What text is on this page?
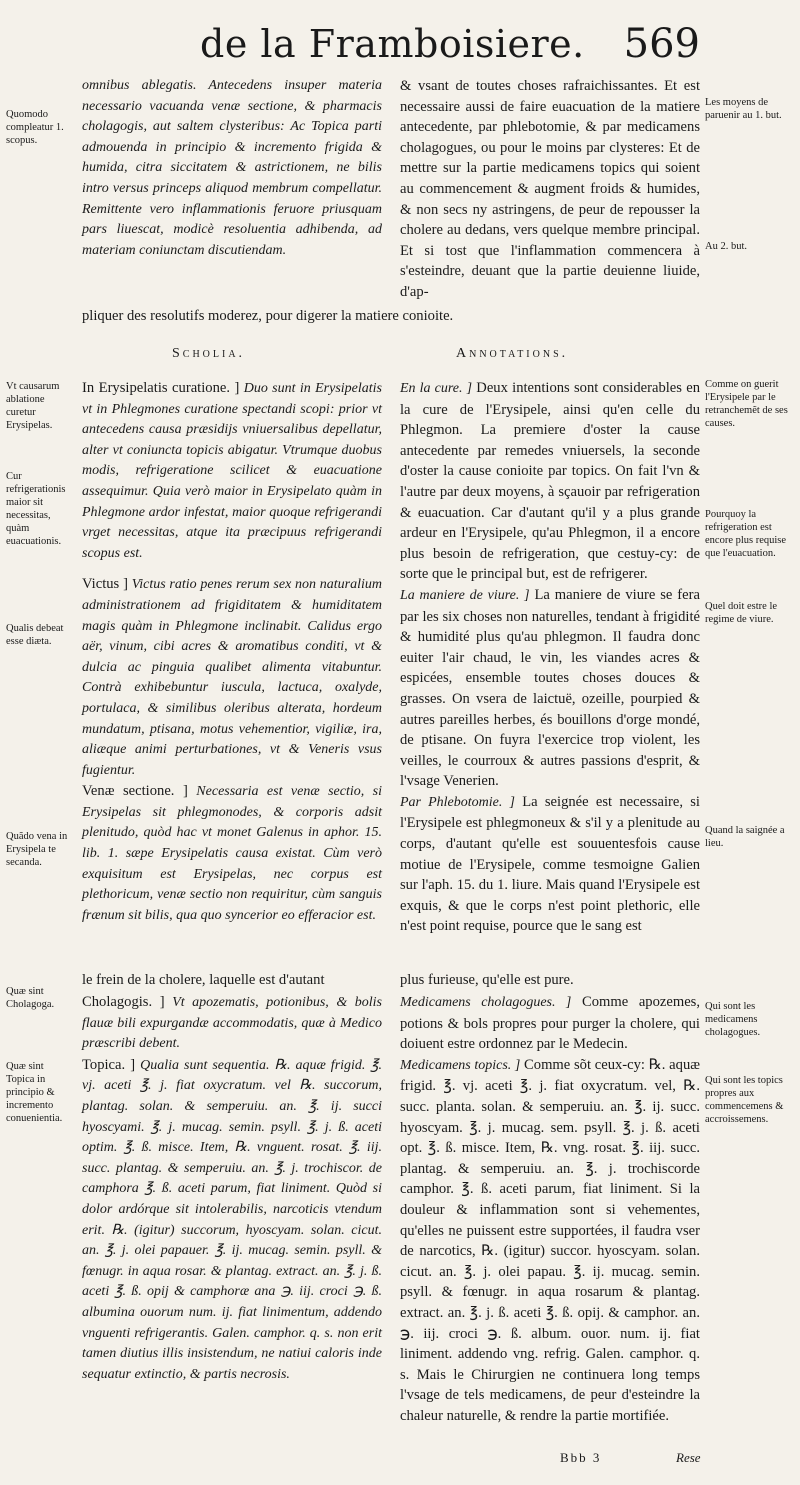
de la Framboisiere. 569
Quomodo compleatur 1. scopus.

omnibus ablegatis. Antecedens insuper materia necessario vacuanda venæ sectione, & pharmacis cholagogis, aut saltem clysteribus: Ac Topica parti admouenda in principio & incremento frigida & humida, citra siccitatem & astrictionem, ne bilis intro versus princeps aliquod membrum compellatur. Remittente vero inflammationis feruore priusquam pars liuescat, modicè resoluentia adhibenda, ad materiam coniunctam discutiendam.

& vsant de toutes choses rafraichissantes. Et est necessaire aussi de faire euacuation de la matiere antecedente, par phlebotomie, & par medicamens cholagogues, ou pour le moins par clysteres: Et de mettre sur la partie medicamens topics qui soient au commencement & augment froids & humides, & non secs ny astringens, de peur de repousser la cholere au dedans, vers quelque membre principal. Et si tost que l'inflammation commencera à s'esteindre, deuant que la partie deuienne liuide, d'ap-

Les moyens de paruenir au 1. but.
Au 2. but.
pliquer des resolutifs moderez, pour digerer la matiere conioite.
Scholia.	Annotations.
Vt causarum ablatione curetur Erysipelas.
Cur refrigerationis maior sit necessitas, quàm euacuationis.
Qualis debeat esse diæta.
Quãdo vena in Erysipela te secanda.
Quæ sint Cholagoga.
Quæ sint Topica in principio & incremento conuenientia.
Comme on guerit l'Erysipele par le retranchemẽt de ses causes.
Pourquoy la refrigeration est encore plus requise que l'euacuation.
Quel doit estre le regime de viure.
Quand la saignée a lieu.
Qui sont les medicamens cholagogues.
Qui sont les topics propres aux commencemens & accroissemens.

In Erysipelatis curatione. ] Duo sunt in Erysipelatis vt in Phlegmones curatione spectandi scopi: prior vt antecedens causa præsidijs vniuersalibus depellatur, alter vt coniuncta topicis abigatur. Vtrumque duobus modis, refrigeratione scilicet & euacuatione assequimur. Quia verò maior in Erysipelato quàm in Phlegmone ardor infestat, maior quoque refrigerandi vrget necessitas, atque ita præcipuus refrigerandi scopus est.

Victus ] Victus ratio penes rerum sex non naturalium administrationem ad frigiditatem & humiditatem magis quàm in Phlegmone inclinabit. Calidus ergo aër, vinum, cibi acres & aromatibus conditi, vt & dulcia ac pinguia qualibet alimenta vitabuntur. Contrà exhibebuntur iuscula, lactuca, oxalyde, portulaca, & similibus oleribus alterata, hordeum mundatum, ptisana, motus vehementior, vigiliæ, ira, aliæque animi perturbationes, vt & Veneris vsus fugientur.

Venæ sectione. ] Necessaria est venæ sectio, si Erysipelas sit phlegmonodes, & corporis adsit plenitudo, quòd hac vt monet Galenus in aphor. 15. lib. 1. sæpe Erysipelatis causa existat. Cùm verò exquisitum est Erysipelas, nec corpus est plethoricum, venæ sectio non requiritur, cùm sanguis frænum sit bilis, qua quo syncerior eo efferacior est.

le frein de la cholere, laquelle est d'autant	plus furieuse, qu'elle est pure.

Cholagogis. ] Vt apozematis, potionibus, & bolis flauæ bili expurgandæ accommodatis, quæ à Medico præscribi debent.

Topica. ] Qualia sunt sequentia. ℞. aquæ frigid. ℥. vj. aceti ℥. j. fiat oxycratum. vel ℞. succorum, plantag. solan. & semperuiu. an. ℥. ij. succi hyoscyami. ℥. j. mucag. semin. psyll. ℥. j. ß. aceti optim. ℥. ß. misce. Item, ℞. vnguent. rosat. ℥. iij. succ. plantag. & semperuiu. an. ℥. j. trochiscor. de camphora ℥. ß. aceti parum, fiat liniment. Quòd si dolor ardórque sit intolerabilis, narcoticis vtendum erit. ℞. (igitur) succorum, hyoscyam. solan. cicut. an. ℥. j. olei papauer. ℥. ij. mucag. semin. psyll. & fœnugr. in aqua rosar. & plantag. extract. an. ℥. j. ß. aceti ℥. ß. opij & camphoræ ana ℈. iij. croci ℈. ß. albumina ouorum num. ij. fiat linimentum, addendo vnguenti refrigerantis. Galen. camphor. q. s. non erit tamen diutius illis insistendum, ne natiui caloris inde sequatur extinctio, & partis necrosis.

En la cure. ] Deux intentions sont considerables en la cure de l'Erysipele, ainsi qu'en celle du Phlegmon. La premiere d'oster la cause antecedente par remedes vniuersels, la seconde d'oster la cause conioite par topics. On fait l'vn & l'autre par deux moyens, à sçauoir par refrigeration & euacuation. Car d'autant qu'il y a plus grande ardeur en l'Erysipele, qu'au Phlegmon, il a encore plus besoin de refrigeration, que cestuy-cy: de sorte que le principal but, est de refrigerer.

La maniere de viure. ] La maniere de viure se fera par les six choses non naturelles, tendant à frigidité & humidité plus qu'au phlegmon. Il faudra donc euiter l'air chaud, le vin, les viandes acres & espicées, ensemble toutes choses douces & grasses. On vsera de laictuë, ozeille, pourpied & autres pareilles herbes, és bouillons d'orge mondé, de ptisane. On fuyra l'exercice trop violent, les veilles, le courroux & autres passions d'esprit, & l'vsage Venerien.

Par Phlebotomie. ] La seignée est necessaire, si l'Erysipele est phlegmoneux & s'il y a plenitude au corps, d'autant qu'elle est souuentesfois cause motiue de l'Erysipele, comme tesmoigne Galien sur l'aph. 15. du 1. liure. Mais quand l'Erysipele est exquis, & que le corps n'est point plethoric, elle n'est point requise, pource que le sang est

Medicamens cholagogues. ] Comme apozemes, potions & bols propres pour purger la cholere, qui doiuent estre ordonnez par le Medecin.

Medicamens topics. ] Comme sõt ceux-cy: ℞. aquæ frigid. ℥. vj. aceti ℥. j. fiat oxycratum. vel, ℞. succ. planta. solan. & semperuiu. an. ℥. ij. succ. hyoscyam. ℥. j. mucag. sem. psyll. ℥. j. ß. aceti opt. ℥. ß. misce. Item, ℞. vng. rosat. ℥. iij. succ. plantag. & semperuiu. an. ℥. j. trochiscorde camphor. ℥. ß. aceti parum, fiat liniment. Si la douleur & inflammation sont si vehementes, qu'elles ne puissent estre supportées, il faudra vser de narcotics, ℞. (igitur) succor. hyoscyam. solan. cicut. an. ℥. j. olei papau. ℥. ij. mucag. semin. psyll. & fœnugr. in aqua rosarum & plantag. extract. an. ℥. j. ß. aceti ℥. ß. opij. & camphor. an. ℈. iij. croci ℈. ß. album. ouor. num. ij. fiat liniment. addendo vng. refrig. Galen. camphor. q. s. Mais le Chirurgien ne continuera long temps l'vsage de tels medicamens, de peur d'esteindre la chaleur naturelle, & rendre la partie mortifiée.

Bbb 3	Rese
